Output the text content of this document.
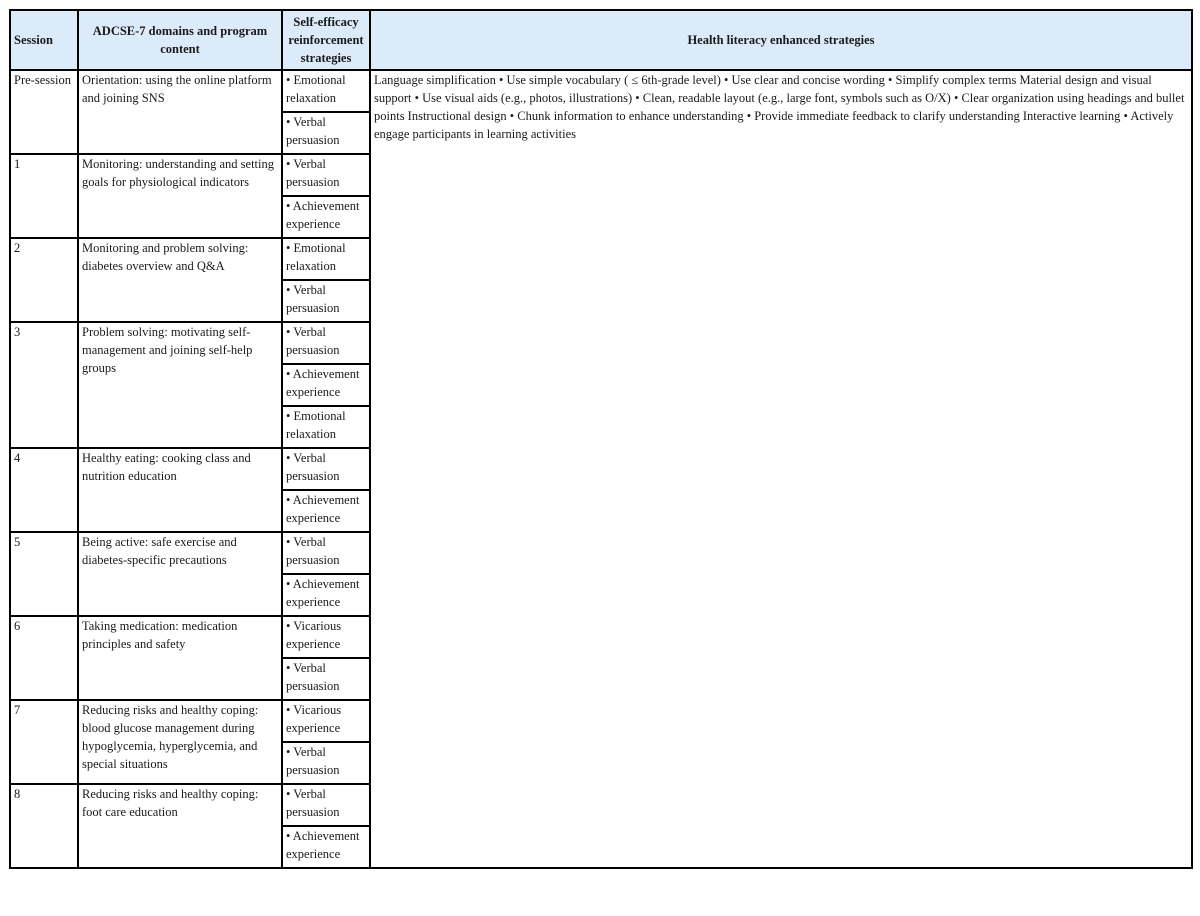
Session	ADCSE-7 domains and program content	Self-efficacy reinforcement strategies	Health literacy enhanced strategies
Pre-session	Orientation: using the online platform and joining SNS	• Emotional relaxation	Language simplification • Use simple vocabulary ( ≤ 6th-grade level) • Use clear and concise wording • Simplify complex terms Material design and visual support • Use visual aids (e.g., photos, illustrations) • Clean, readable layout (e.g., large font, symbols such as O/X) • Clear organization using headings and bullet points Instructional design • Chunk information to enhance understanding • Provide immediate feedback to clarify understanding Interactive learning • Actively engage participants in learning activities
		• Verbal persuasion	
1	Monitoring: understanding and setting goals for physiological indicators	• Verbal persuasion	
		• Achievement experience	
2	Monitoring and problem solving: diabetes overview and Q&A	• Emotional relaxation	
		• Verbal persuasion	
3	Problem solving: motivating self-management and joining self-help groups	• Verbal persuasion	
		• Achievement experience	
		• Emotional relaxation	
4	Healthy eating: cooking class and nutrition education	• Verbal persuasion	
		• Achievement experience	
5	Being active: safe exercise and diabetes-specific precautions	• Verbal persuasion	
		• Achievement experience	
6	Taking medication: medication principles and safety	• Vicarious experience	
		• Verbal persuasion	
7	Reducing risks and healthy coping: blood glucose management during hypoglycemia, hyperglycemia, and special situations	• Vicarious experience	
		• Verbal persuasion	
8	Reducing risks and healthy coping: foot care education	• Verbal persuasion	
		• Achievement experience	
